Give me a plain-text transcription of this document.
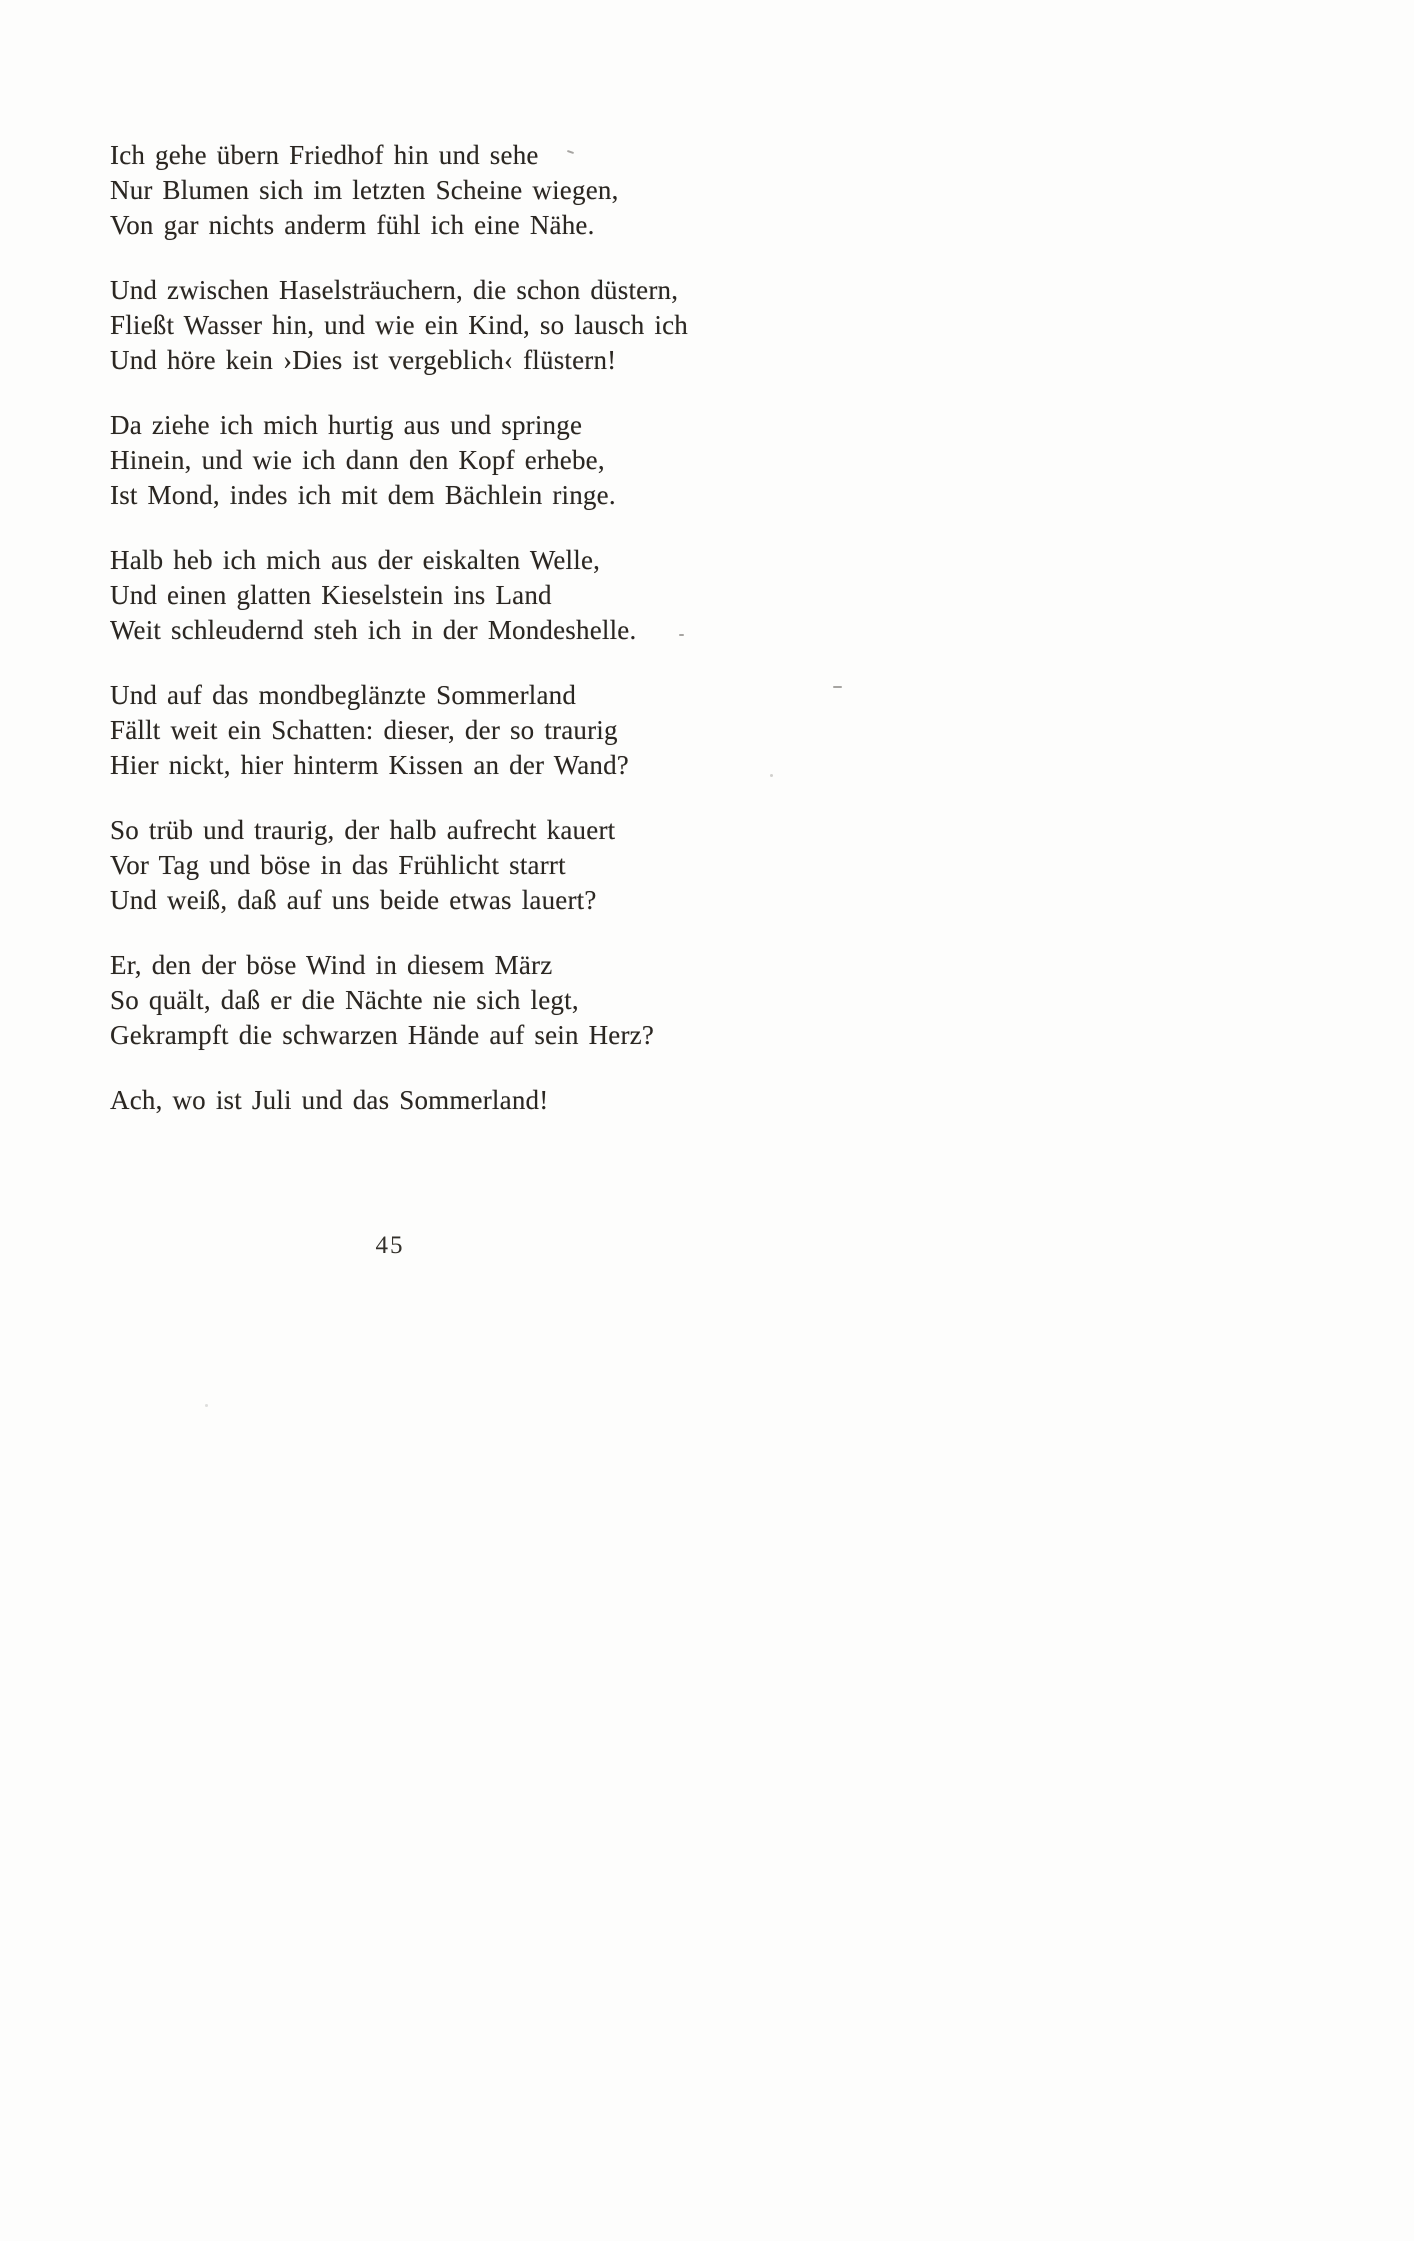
Ich gehe übern Friedhof hin und sehe

Nur Blumen sich im letzten Scheine wiegen,

Von gar nichts anderm fühl ich eine Nähe.

Und zwischen Haselsträuchern, die schon düstern,

Fließt Wasser hin, und wie ein Kind, so lausch ich

Und höre kein ›Dies ist vergeblich‹ flüstern!

Da ziehe ich mich hurtig aus und springe

Hinein, und wie ich dann den Kopf erhebe,

Ist Mond, indes ich mit dem Bächlein ringe.

Halb heb ich mich aus der eiskalten Welle,

Und einen glatten Kieselstein ins Land

Weit schleudernd steh ich in der Mondeshelle.

Und auf das mondbeglänzte Sommerland

Fällt weit ein Schatten: dieser, der so traurig

Hier nickt, hier hinterm Kissen an der Wand?

So trüb und traurig, der halb aufrecht kauert

Vor Tag und böse in das Frühlicht starrt

Und weiß, daß auf uns beide etwas lauert?

Er, den der böse Wind in diesem März

So quält, daß er die Nächte nie sich legt,

Gekrampft die schwarzen Hände auf sein Herz?

Ach, wo ist Juli und das Sommerland!

45
